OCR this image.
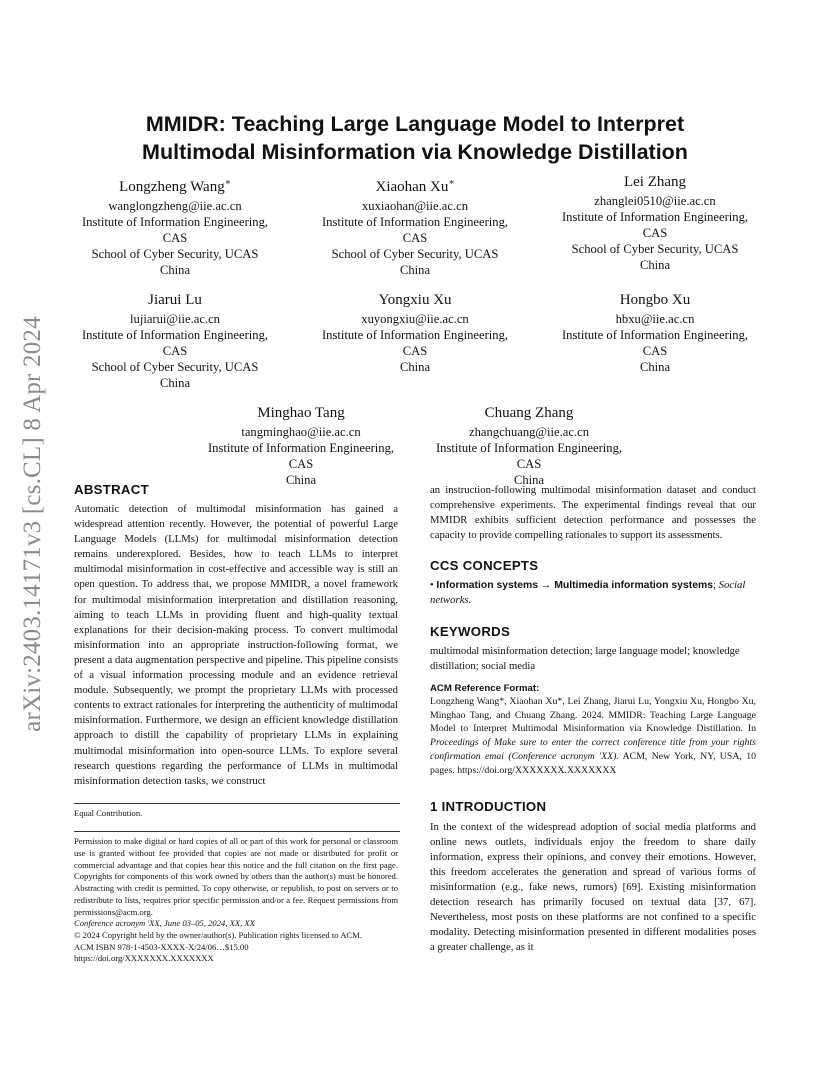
arXiv:2403.14171v3 [cs.CL] 8 Apr 2024
MMIDR: Teaching Large Language Model to Interpret
Multimodal Misinformation via Knowledge Distillation
Longzheng Wang∗
wanglongzheng@iie.ac.cn
Institute of Information Engineering,
CAS
School of Cyber Security, UCAS
China
Xiaohan Xu∗
xuxiaohan@iie.ac.cn
Institute of Information Engineering,
CAS
School of Cyber Security, UCAS
China
Lei Zhang
zhanglei0510@iie.ac.cn
Institute of Information Engineering,
CAS
School of Cyber Security, UCAS
China
Jiarui Lu
lujiarui@iie.ac.cn
Institute of Information Engineering,
CAS
School of Cyber Security, UCAS
China
Yongxiu Xu
xuyongxiu@iie.ac.cn
Institute of Information Engineering,
CAS
China
Hongbo Xu
hbxu@iie.ac.cn
Institute of Information Engineering,
CAS
China
Minghao Tang
tangminghao@iie.ac.cn
Institute of Information Engineering,
CAS
China
Chuang Zhang
zhangchuang@iie.ac.cn
Institute of Information Engineering,
CAS
China
ABSTRACT

Automatic detection of multimodal misinformation has gained a widespread attention recently. However, the potential of powerful Large Language Models (LLMs) for multimodal misinformation detection remains underexplored. Besides, how to teach LLMs to interpret multimodal misinformation in cost-effective and accessible way is still an open question. To address that, we propose MMIDR, a novel framework for multimodal misinformation interpretation and distillation reasoning, aiming to teach LLMs in providing fluent and high-quality textual explanations for their decision-making process. To convert multimodal misinformation into an appropriate instruction-following format, we present a data augmentation perspective and pipeline. This pipeline consists of a visual information processing module and an evidence retrieval module. Subsequently, we prompt the proprietary LLMs with processed contents to extract rationales for interpreting the authenticity of multimodal misinformation. Furthermore, we design an efficient knowledge distillation approach to distill the capability of proprietary LLMs in explaining multimodal misinformation into open-source LLMs. To explore several research questions regarding the performance of LLMs in multimodal misinformation detection tasks, we construct

Equal Contribution.
Permission to make digital or hard copies of all or part of this work for personal or classroom use is granted without fee provided that copies are not made or distributed for profit or commercial advantage and that copies bear this notice and the full citation on the first page. Copyrights for components of this work owned by others than the author(s) must be honored. Abstracting with credit is permitted. To copy otherwise, or republish, to post on servers or to redistribute to lists, requires prior specific permission and/or a fee. Request permissions from permissions@acm.org.
Conference acronym 'XX, June 03–05, 2024, XX, XX
© 2024 Copyright held by the owner/author(s). Publication rights licensed to ACM.
ACM ISBN 978-1-4503-XXXX-X/24/06…$15.00
https://doi.org/XXXXXXX.XXXXXXX

an instruction-following multimodal misinformation dataset and conduct comprehensive experiments. The experimental findings reveal that our MMIDR exhibits sufficient detection performance and possesses the capacity to provide compelling rationales to support its assessments.

CCS CONCEPTS
• Information systems → Multimedia information systems; Social networks.
KEYWORDS
multimodal misinformation detection; large language model; knowledge distillation; social media
ACM Reference Format:
Longzheng Wang*, Xiaohan Xu*, Lei Zhang, Jiarui Lu, Yongxiu Xu, Hongbo Xu, Minghao Tang, and Chuang Zhang. 2024. MMIDR: Teaching Large Language Model to Interpret Multimodal Misinformation via Knowledge Distillation. In Proceedings of Make sure to enter the correct conference title from your rights confirmation emai (Conference acronym 'XX). ACM, New York, NY, USA, 10 pages. https://doi.org/XXXXXXX.XXXXXXX
1 INTRODUCTION

In the context of the widespread adoption of social media platforms and online news outlets, individuals enjoy the freedom to share daily information, express their opinions, and convey their emotions. However, this freedom accelerates the generation and spread of various forms of misinformation (e.g., fake news, rumors) [69]. Existing misinformation detection research has primarily focused on textual data [37, 67]. Nevertheless, most posts on these platforms are not confined to a specific modality. Detecting misinformation presented in different modalities poses a greater challenge, as it
